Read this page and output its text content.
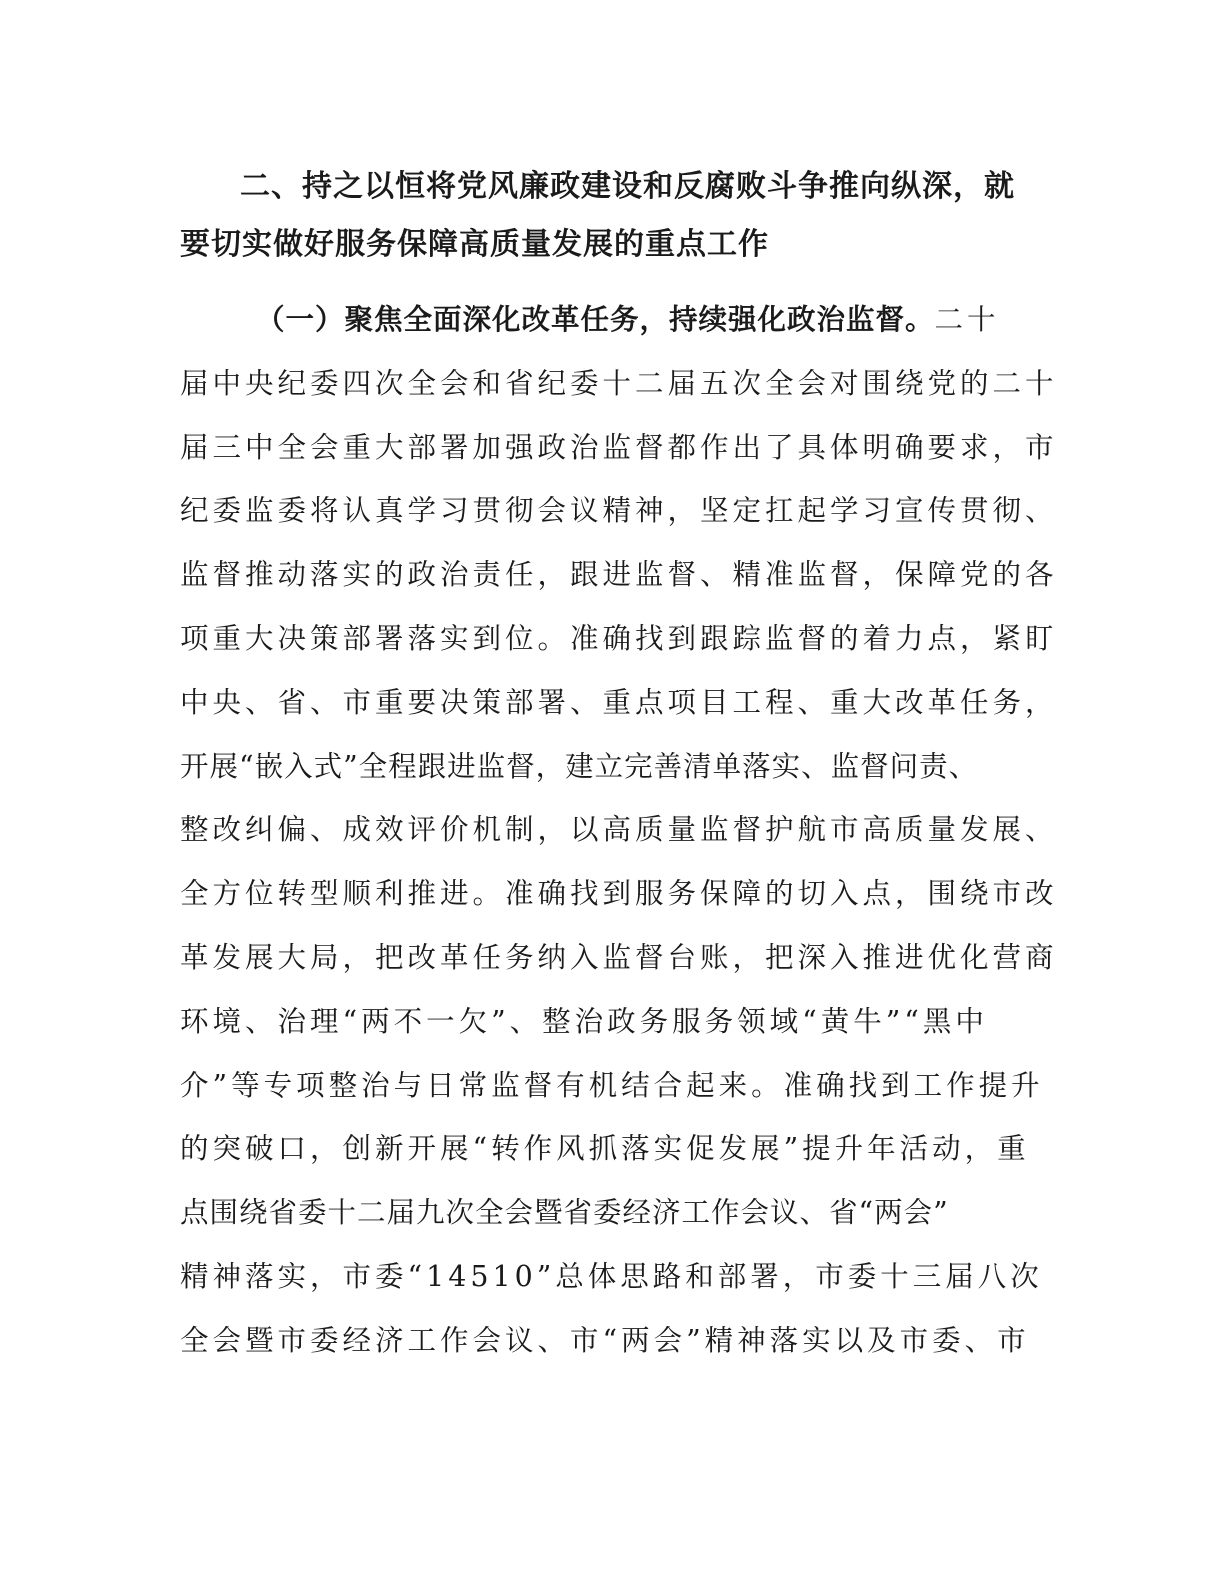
二、持之以恒将党风廉政建设和反腐败斗争推向纵深，就
要切实做好服务保障高质量发展的重点工作
（一）聚焦全面深化改革任务，持续强化政治监督。二十
届中央纪委四次全会和省纪委十二届五次全会对围绕党的二十
届三中全会重大部署加强政治监督都作出了具体明确要求，市
纪委监委将认真学习贯彻会议精神，坚定扛起学习宣传贯彻、
监督推动落实的政治责任，跟进监督、精准监督，保障党的各
项重大决策部署落实到位。准确找到跟踪监督的着力点，紧盯
中央、省、市重要决策部署、重点项目工程、重大改革任务，
开展“嵌入式”全程跟进监督，建立完善清单落实、监督问责、
整改纠偏、成效评价机制，以高质量监督护航市高质量发展、
全方位转型顺利推进。准确找到服务保障的切入点，围绕市改
革发展大局，把改革任务纳入监督台账，把深入推进优化营商
环境、治理“两不一欠”、整治政务服务领域“黄牛”“黑中
介”等专项整治与日常监督有机结合起来。准确找到工作提升
的突破口，创新开展“转作风抓落实促发展”提升年活动，重
点围绕省委十二届九次全会暨省委经济工作会议、省“两会”
精神落实，市委“14510”总体思路和部署，市委十三届八次
全会暨市委经济工作会议、市“两会”精神落实以及市委、市
